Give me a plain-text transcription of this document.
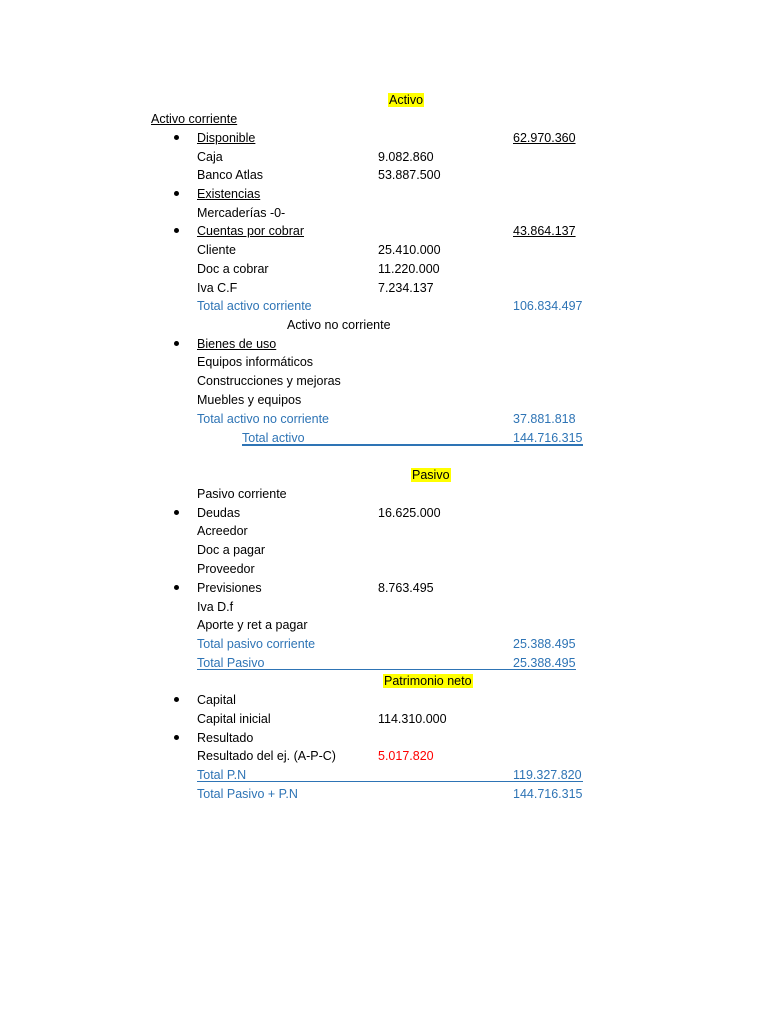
Activo
Activo corriente
Disponible	62.970.360
Caja	9.082.860
Banco Atlas	53.887.500
Existencias
Mercaderías -0-
Cuentas por cobrar	43.864.137
Cliente	25.410.000
Doc a cobrar	11.220.000
Iva C.F	7.234.137
Total activo corriente	106.834.497
Activo no corriente
Bienes de uso
Equipos informáticos
Construcciones y mejoras
Muebles y equipos
Total activo no corriente	37.881.818
Total activo	144.716.315
Pasivo
Pasivo corriente
Deudas	16.625.000
Acreedor
Doc a pagar
Proveedor
Previsiones	8.763.495
Iva D.f
Aporte y ret a pagar
Total pasivo corriente	25.388.495
Total Pasivo	25.388.495
Patrimonio neto
Capital
Capital inicial	114.310.000
Resultado
Resultado del ej. (A-P-C)	5.017.820
Total P.N	119.327.820
Total Pasivo + P.N	144.716.315
